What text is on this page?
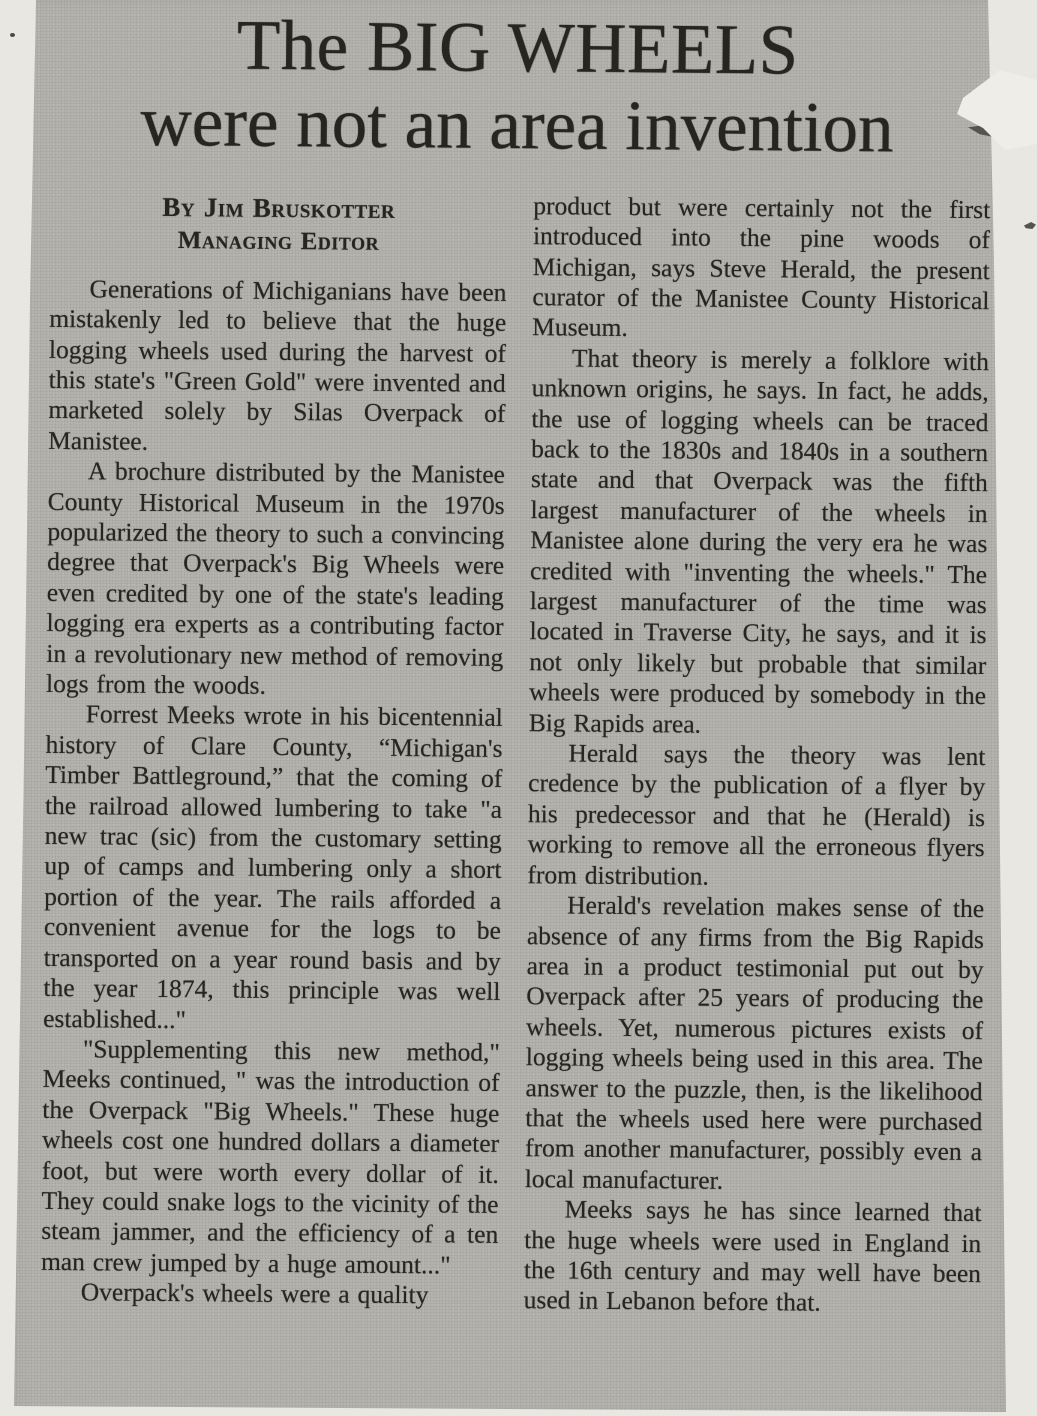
The BIG WHEELS
were not an area invention
By Jim Bruskotter
Managing Editor

Generations of Michiganians have been mistakenly led to believe that the huge logging wheels used during the harvest of this state's "Green Gold" were invented and marketed solely by Silas Overpack of Manistee.

A brochure distributed by the Manistee County Historical Museum in the 1970s popularized the theory to such a convincing degree that Overpack's Big Wheels were even credited by one of the state's leading logging era experts as a contributing factor in a revolutionary new method of removing logs from the woods.

Forrest Meeks wrote in his bicentennial history of Clare County, “Michigan's Timber Battleground,” that the coming of the railroad allowed lumbering to take "a new trac (sic) from the customary setting up of camps and lumbering only a short portion of the year. The rails afforded a convenient avenue for the logs to be transported on a year round basis and by the year 1874, this principle was well established..."

"Supplementing this new method," Meeks continued, " was the introduction of the Overpack "Big Wheels." These huge wheels cost one hundred dollars a diameter foot, but were worth every dollar of it. They could snake logs to the vicinity of the steam jammer, and the efficiency of a ten man crew jumped by a huge amount..."

Overpack's wheels were a quality

product but were certainly not the first introduced into the pine woods of Michigan, says Steve Herald, the present curator of the Manistee County Historical Museum.

That theory is merely a folklore with unknown origins, he says. In fact, he adds, the use of logging wheels can be traced back to the 1830s and 1840s in a southern state and that Overpack was the fifth largest manufacturer of the wheels in Manistee alone during the very era he was credited with "inventing the wheels." The largest manufacturer of the time was located in Traverse City, he says, and it is not only likely but probable that similar wheels were produced by somebody in the Big Rapids area.

Herald says the theory was lent credence by the publication of a flyer by his predecessor and that he (Herald) is working to remove all the erroneous flyers from distribution.

Herald's revelation makes sense of the absence of any firms from the Big Rapids area in a product testimonial put out by Overpack after 25 years of producing the wheels. Yet, numerous pictures exists of logging wheels being used in this area. The answer to the puzzle, then, is the likelihood that the wheels used here were purchased from another manufacturer, possibly even a local manufacturer.

Meeks says he has since learned that the huge wheels were used in England in the 16th century and may well have been used in Lebanon before that.
